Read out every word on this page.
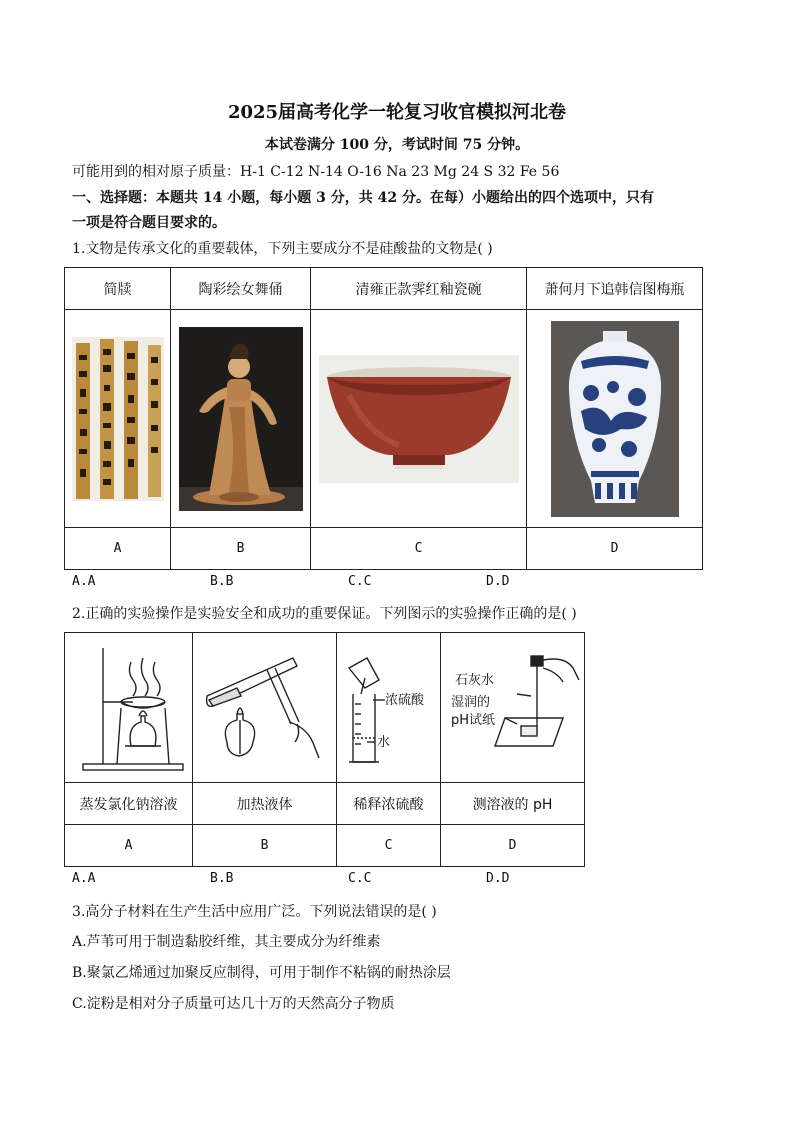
2025届高考化学一轮复习收官模拟河北卷
本试卷满分 100 分，考试时间 75 分钟。
可能用到的相对原子质量：H-1 C-12 N-14 O-16 Na 23 Mg 24 S 32 Fe 56
一、选择题：本题共 14 小题，每小题 3 分，共 42 分。在每）小题给出的四个选项中，只有
一项是符合题目要求的。
1.文物是传承文化的重要载体，下列主要成分不是硅酸盐的文物是( )
简牍	陶彩绘女舞俑	清雍正款霁红釉瓷碗	萧何月下追韩信图梅瓶

A	B	C	D
A.A	B.B	C.C	D.D
2.正确的实验操作是实验安全和成功的重要保证。下列图示的实验操作正确的是( )

浓硫酸
水	石灰水
湿润的
pH试纸

蒸发氯化钠溶液	加热液体	稀释浓硫酸	测溶液的 pH
A	B	C	D
A.A	B.B	C.C	D.D
3.高分子材料在生产生活中应用广泛。下列说法错误的是( )
A.芦苇可用于制造黏胶纤维，其主要成分为纤维素
B.聚氯乙烯通过加聚反应制得，可用于制作不粘锅的耐热涂层
C.淀粉是相对分子质量可达几十万的天然高分子物质
